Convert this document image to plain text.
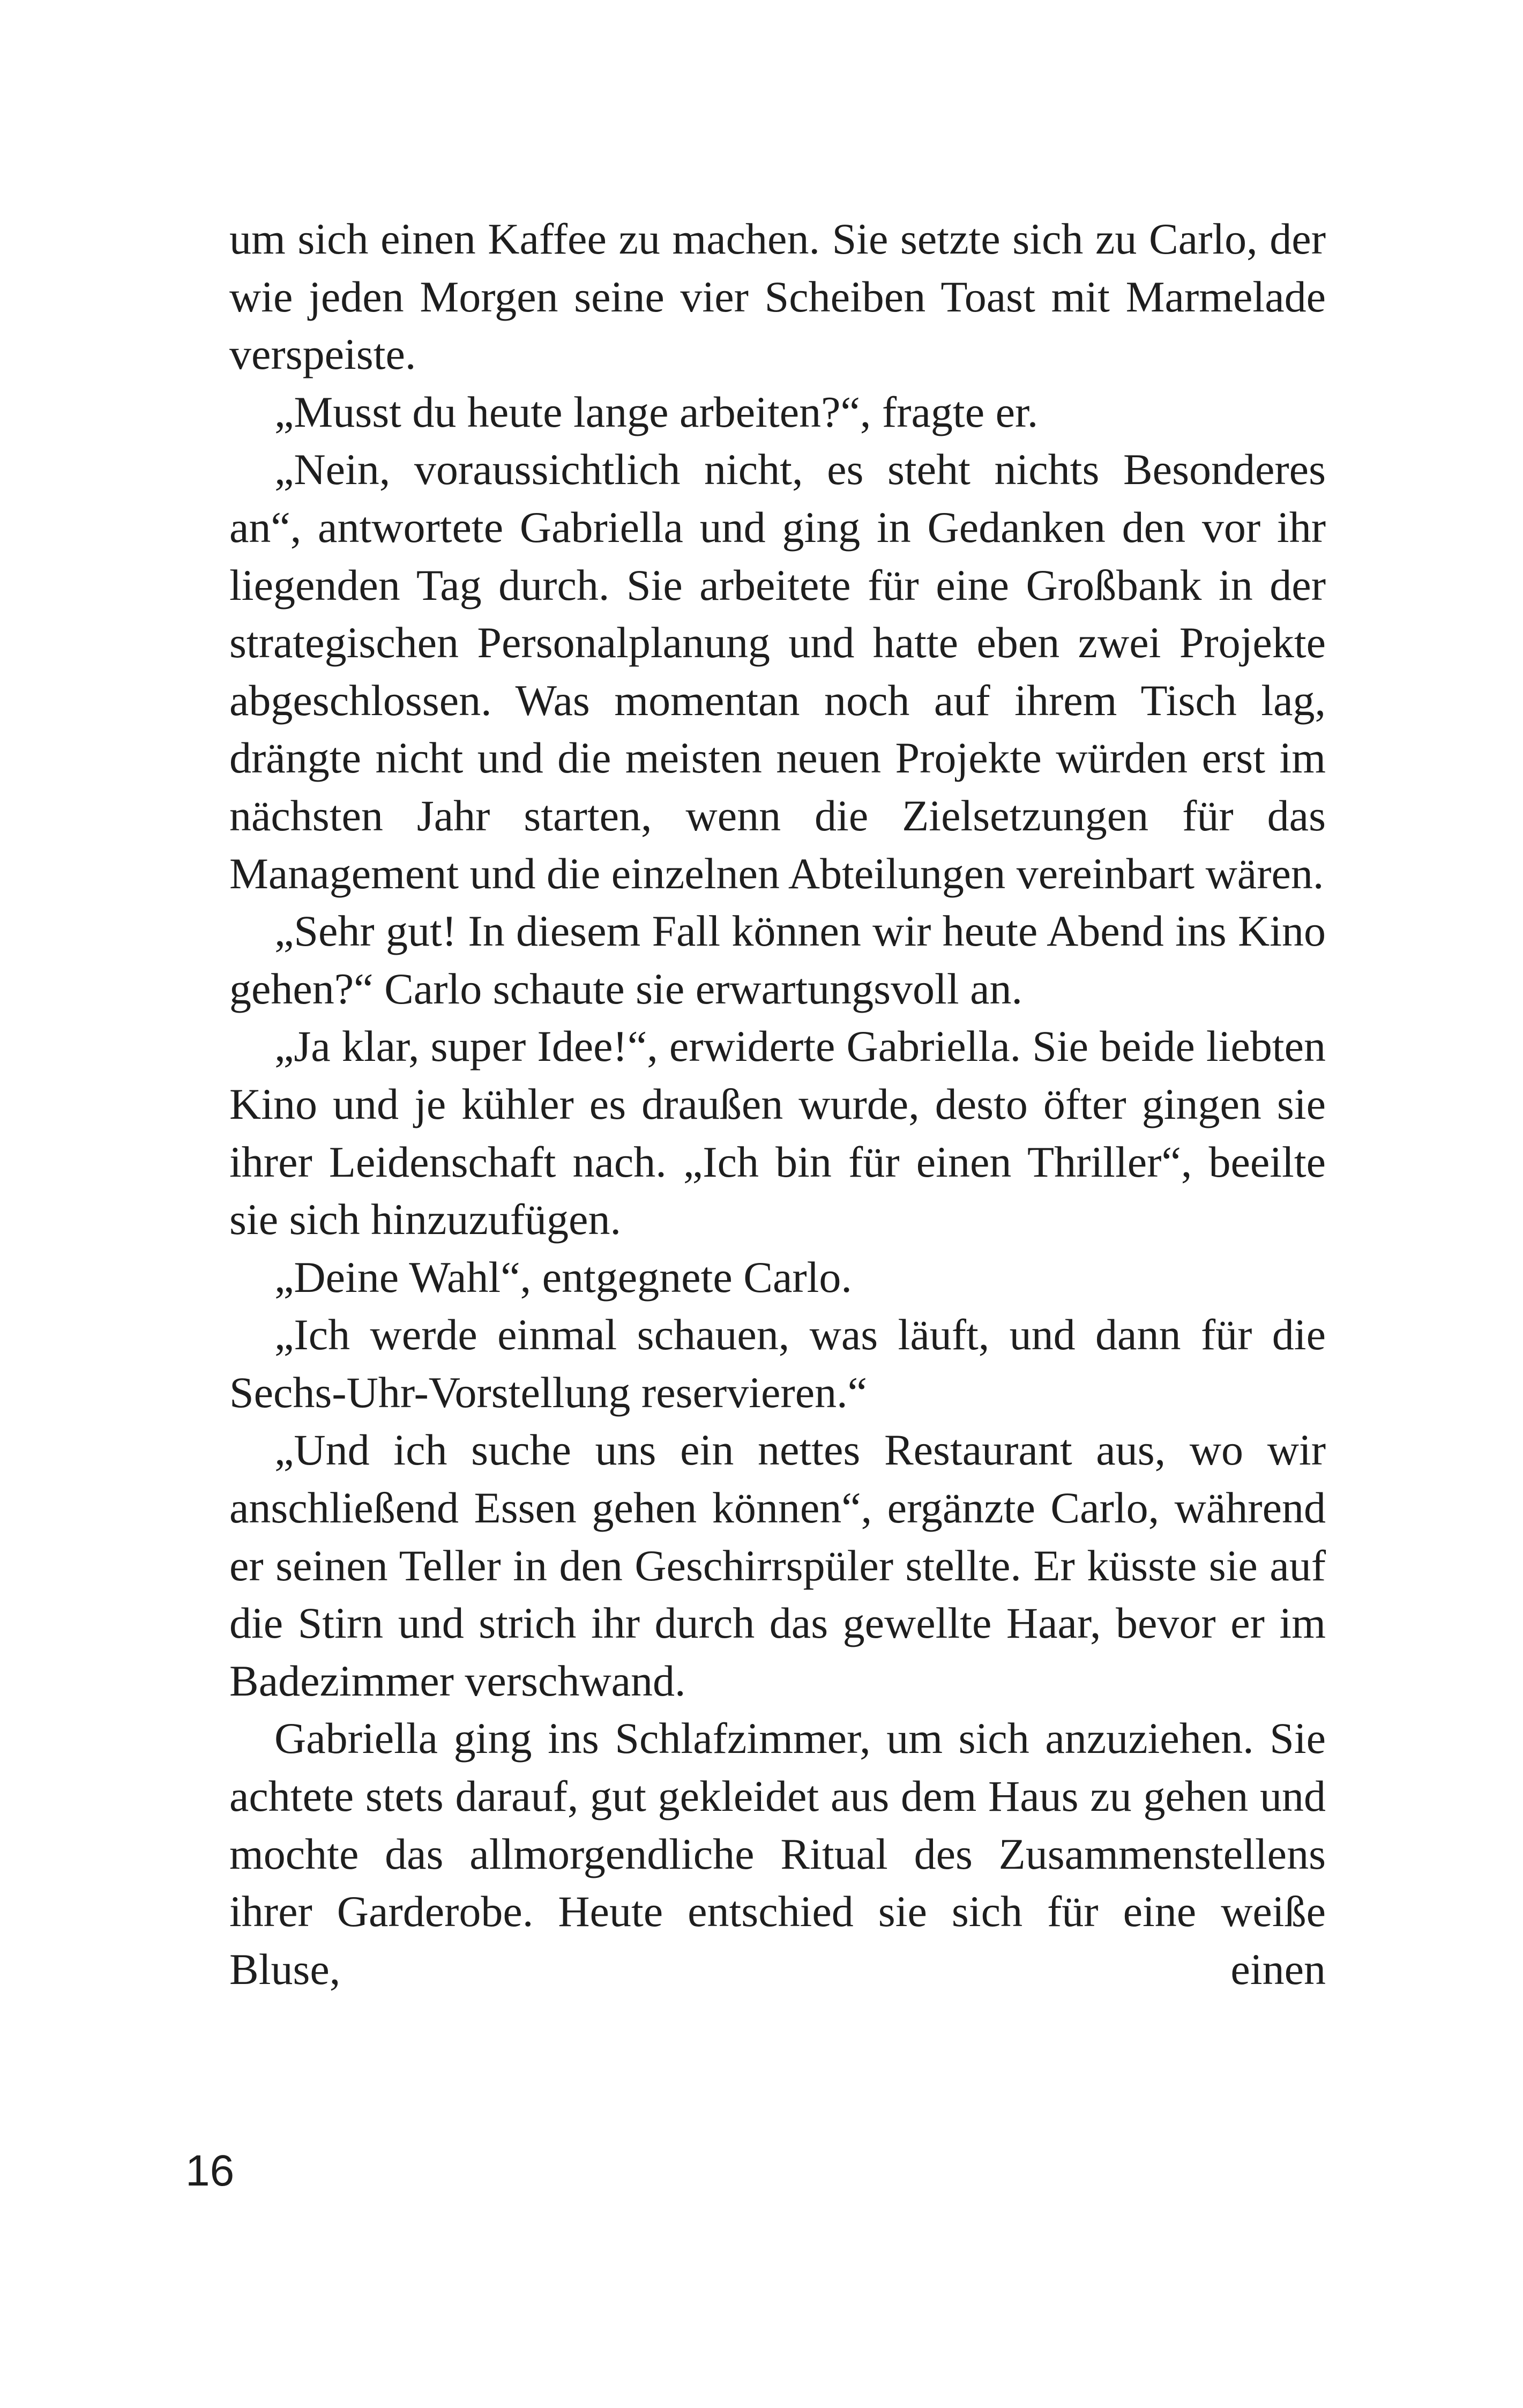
um sich einen Kaffee zu machen. Sie setzte sich zu Carlo, der wie jeden Morgen seine vier Scheiben Toast mit Marmelade verspeiste.

„Musst du heute lange arbeiten?“, fragte er.

„Nein, voraussichtlich nicht, es steht nichts Besonderes an“, antwortete Gabriella und ging in Gedanken den vor ihr liegenden Tag durch. Sie arbeitete für eine Großbank in der strategischen Personalplanung und hatte eben zwei Projekte abgeschlossen. Was momentan noch auf ihrem Tisch lag, drängte nicht und die meisten neuen Projekte würden erst im nächsten Jahr starten, wenn die Zielsetzungen für das Management und die einzelnen Abteilungen vereinbart wären.

„Sehr gut! In diesem Fall können wir heute Abend ins Kino gehen?“ Carlo schaute sie erwartungsvoll an.

„Ja klar, super Idee!“, erwiderte Gabriella. Sie beide liebten Kino und je kühler es draußen wurde, desto öfter gingen sie ihrer Leidenschaft nach. „Ich bin für einen Thriller“, beeilte sie sich hinzuzufügen.

„Deine Wahl“, entgegnete Carlo.

„Ich werde einmal schauen, was läuft, und dann für die Sechs-Uhr-Vorstellung reservieren.“

„Und ich suche uns ein nettes Restaurant aus, wo wir anschließend Essen gehen können“, ergänzte Carlo, während er seinen Teller in den Geschirrspüler stellte. Er küsste sie auf die Stirn und strich ihr durch das gewellte Haar, bevor er im Badezimmer verschwand.

Gabriella ging ins Schlafzimmer, um sich anzuziehen. Sie achtete stets darauf, gut gekleidet aus dem Haus zu gehen und mochte das allmorgendliche Ritual des Zusammenstellens ihrer Garderobe. Heute entschied sie sich für eine weiße Bluse, einen

16
